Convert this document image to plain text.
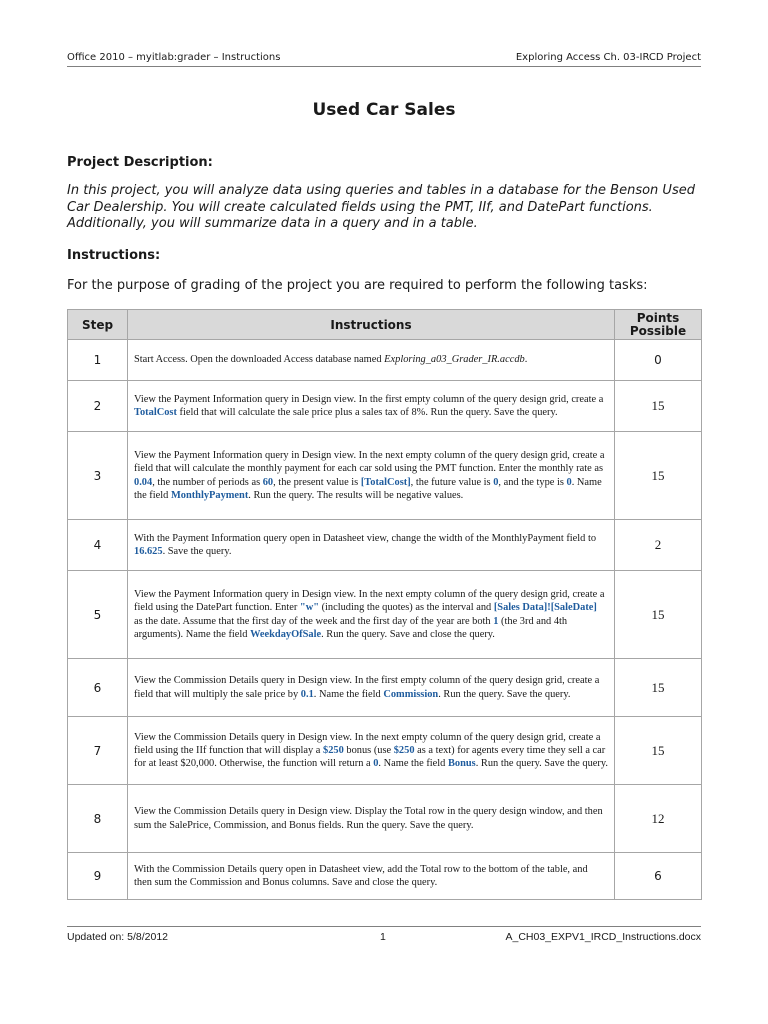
Office 2010 – myitlab:grader – Instructions	Exploring Access Ch. 03-IRCD Project
Used Car Sales
Project Description:
In this project, you will analyze data using queries and tables in a database for the Benson Used Car Dealership. You will create calculated fields using the PMT, IIf, and DatePart functions. Additionally, you will summarize data in a query and in a table.
Instructions:
For the purpose of grading of the project you are required to perform the following tasks:
Step	Instructions	Points Possible
1	Start Access. Open the downloaded Access database named Exploring_a03_Grader_IR.accdb.	0
2	View the Payment Information query in Design view. In the first empty column of the query design grid, create a TotalCost field that will calculate the sale price plus a sales tax of 8%. Run the query. Save the query.	15
3	View the Payment Information query in Design view. In the next empty column of the query design grid, create a field that will calculate the monthly payment for each car sold using the PMT function. Enter the monthly rate as 0.04, the number of periods as 60, the present value is [TotalCost], the future value is 0, and the type is 0. Name the field MonthlyPayment. Run the query. The results will be negative values.	15
4	With the Payment Information query open in Datasheet view, change the width of the MonthlyPayment field to 16.625. Save the query.	2
5	View the Payment Information query in Design view. In the next empty column of the query design grid, create a field using the DatePart function. Enter "w" (including the quotes) as the interval and [Sales Data]![SaleDate] as the date. Assume that the first day of the week and the first day of the year are both 1 (the 3rd and 4th arguments). Name the field WeekdayOfSale. Run the query. Save and close the query.	15
6	View the Commission Details query in Design view. In the first empty column of the query design grid, create a field that will multiply the sale price by 0.1. Name the field Commission. Run the query. Save the query.	15
7	View the Commission Details query in Design view. In the next empty column of the query design grid, create a field using the IIf function that will display a $250 bonus (use $250 as a text) for agents every time they sell a car for at least $20,000. Otherwise, the function will return a 0. Name the field Bonus. Run the query. Save the query.	15
8	View the Commission Details query in Design view. Display the Total row in the query design window, and then sum the SalePrice, Commission, and Bonus fields. Run the query. Save the query.	12
9	With the Commission Details query open in Datasheet view, add the Total row to the bottom of the table, and then sum the Commission and Bonus columns. Save and close the query.	6
Updated on: 5/8/2012	1	A_CH03_EXPV1_IRCD_Instructions.docx
